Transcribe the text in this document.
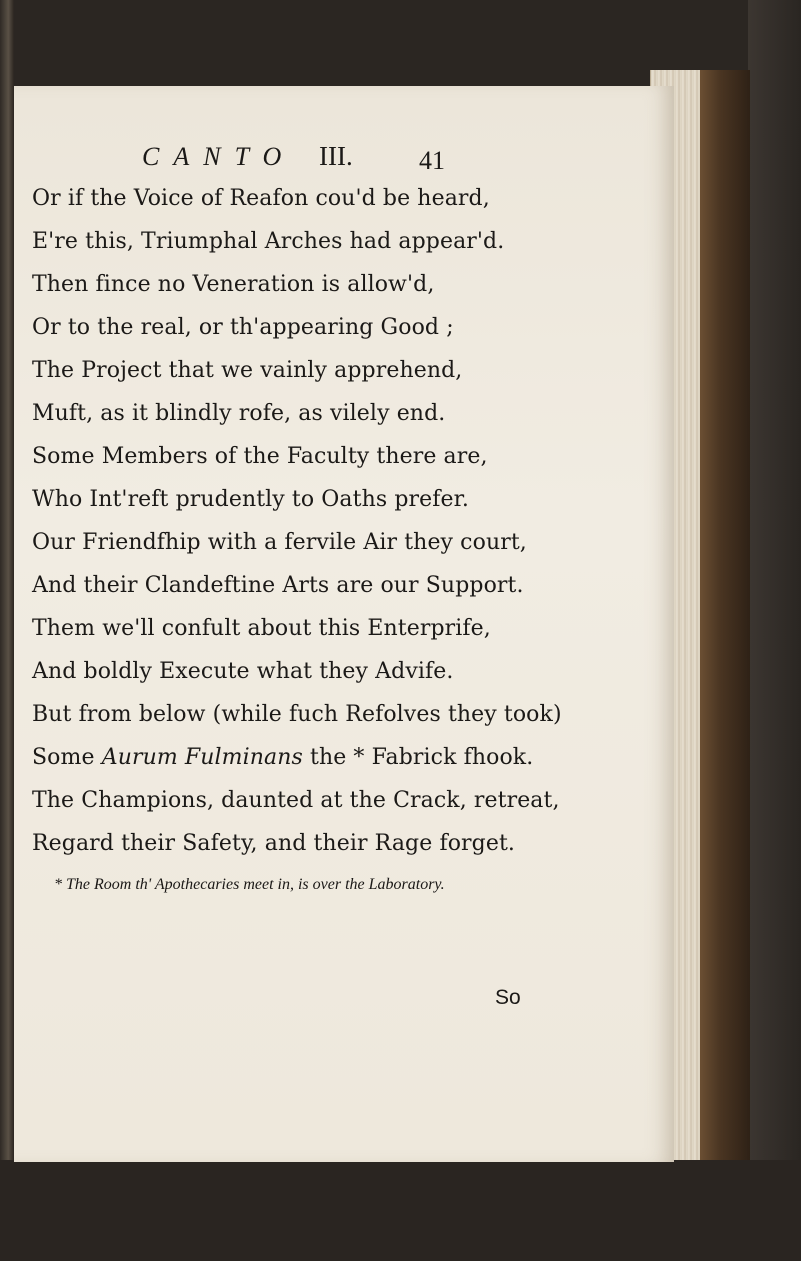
CANTO III.	41
Or if the Voice of Reafon cou'd be heard,
E're this, Triumphal Arches had appear'd.
Then fince no Veneration is allow'd,
Or to the real, or th'appearing Good ;
The Project that we vainly apprehend,
Muft, as it blindly rofe, as vilely end.
Some Members of the Faculty there are,
Who Int'reft prudently to Oaths prefer.
Our Friendfhip with a fervile Air they court,
And their Clandeftine Arts are our Support.
Them we'll confult about this Enterprife,
And boldly Execute what they Advife.
But from below (while fuch Refolves they took)
Some Aurum Fulminans the * Fabrick fhook.
The Champions, daunted at the Crack, retreat,
Regard their Safety, and their Rage forget.
* The Room th' Apothecaries meet in, is over the Laboratory.
So
